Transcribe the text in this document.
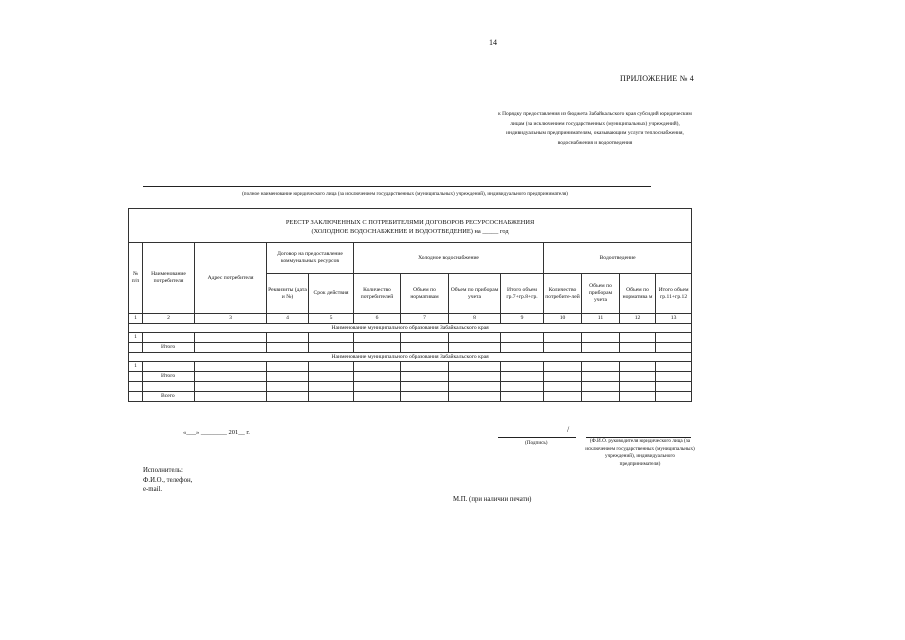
14
ПРИЛОЖЕНИЕ № 4
к Порядку предоставления из бюджета Забайкальского края субсидий юридическим лицам (за исключением государственных (муниципальных) учреждений), индивидуальным предпринимателям, оказывающим услуги теплоснабжения, водоснабжения и водоотведения
(полное наименование юридического лица (за исключением государственных (муниципальных) учреждений), индивидуального предпринимателя)
РЕЕСТР ЗАКЛЮЧЕННЫХ С ПОТРЕБИТЕЛЯМИ ДОГОВОРОВ РЕСУРСОСНАБЖЕНИЯ
(ХОЛОДНОЕ ВОДОСНАБЖЕНИЕ И ВОДООТВЕДЕНИЕ) на _____ год												

№ п/п	Наименование потребителя	Адрес потребителя	Договор на предоставление коммунальных ресурсов		Холодное водоснабжение				Водоотведение			
			Реквизиты (дата и №)	Срок действия	Количество потребителей	Объем по нормативам	Объем по приборам учета	Итого объем гр.7+гр.8+гр.	Количество потребите-лей	Объем по приборам учета	Объем по норматива м	Итого объем гр.11+гр.12
1	2	3	4	5	6	7	8	9	10	11	12	13
Наименование муниципального образования Забайкальского края												
1												
	Итого											
Наименование муниципального образования Забайкальского края												
1												
	Итого											

	Всего											
«___» ________ 201__ г.	/
(Подпись)	(Ф.И.О. руководителя юридического лица (за исключением государственных (муниципальных) учреждений), индивидуального предпринимателя)
Исполнитель:
Ф.И.О., телефон,
e-mail.
М.П. (при наличии печати)
